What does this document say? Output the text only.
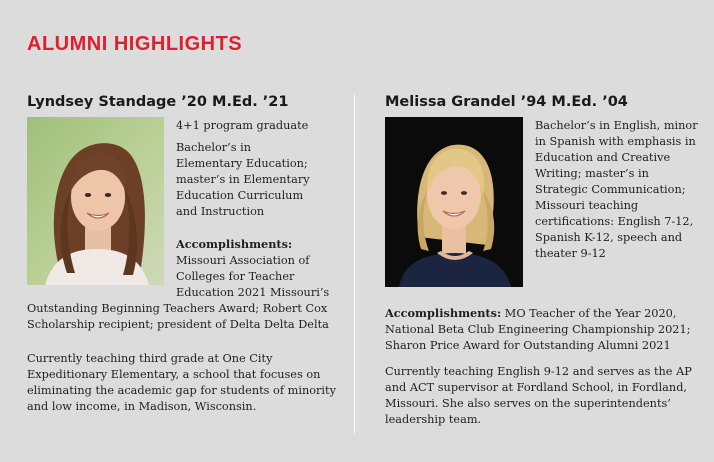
ALUMNI HIGHLIGHTS
Lyndsey Standage ’20 M.Ed. ’21

4+1 program graduate

Bachelor’s in Elementary Education; master’s in Elementary Education Curriculum and Instruction

Accomplishments:
Missouri Association of Colleges for Teacher Education 2021 Missouri’s Outstanding Beginning Teachers Award; Robert Cox Scholarship recipient; president of Delta Delta Delta

Currently teaching third grade at One City Expeditionary Elementary, a school that focuses on eliminating the academic gap for students of minority and low income, in Madison, Wisconsin.

Melissa Grandel ’94 M.Ed. ’04

Bachelor’s in English, minor in Spanish with emphasis in Education and Creative Writing; master’s in Strategic Communication; Missouri teaching certifications: English 7-12, Spanish K-12, speech and theater 9-12

Accomplishments: MO Teacher of the Year 2020, National Beta Club Engineering Championship 2021; Sharon Price Award for Outstanding Alumni 2021

Currently teaching English 9-12 and serves as the AP and ACT supervisor at Fordland School, in Fordland, Missouri. She also serves on the superintendents’ leadership team.
